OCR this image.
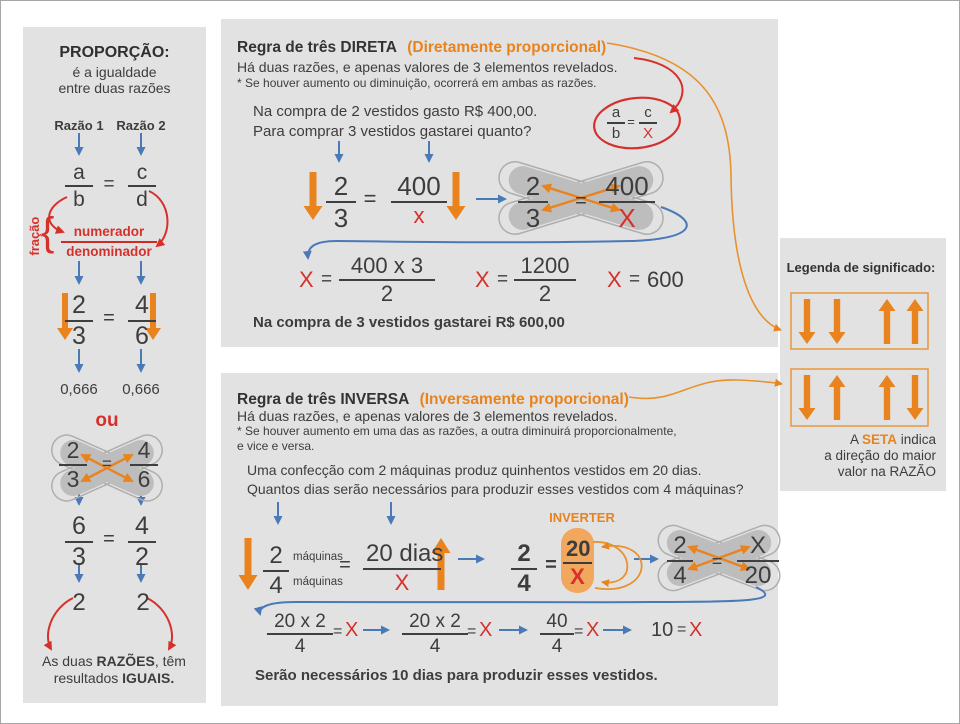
PROPORÇÃO:
é a igualdade
entre duas razões
Razão 1 Razão 2
$\frac{a}{b} = \frac{c}{d}$
fração {	numerador
denominador
$\frac{2}{3} = \frac{4}{6}$
0,666	0,666
ou
$\frac{2}{3} = \frac{4}{6}$
$\frac{6}{3} = \frac{4}{2}$
2	2
As duas RAZÕES, têm
resultados IGUAIS.
Regra de três DIRETA (Diretamente proporcional)
Há duas razões, e apenas valores de 3 elementos revelados.
* Se houver aumento ou diminuição, ocorrerá em ambas as razões.
$\frac{a}{b} = \frac{c}{X}$
Na compra de 2 vestidos gasto R$ 400,00.
Para comprar 3 vestidos gastarei quanto?
$\frac{2}{3} = 400$
x	$\frac{2}{3}$	= $\frac{400}{X}$
$X = \frac{400 x 3}{2}$ $X = \frac{1200}{2}$ X = 600
Na compra de 3 vestidos gastarei R$ 600,00
Regra de três INVERSA (Inversamente proporcional)
Há duas razões, e apenas valores de 3 elementos revelados.
* Se houver aumento em uma das as razões, a outra diminuirá proporcionalmente,
e vice e versa.
Uma confecção com 2 máquinas produz quinhentos vestidos em 20 dias.
Quantos dias serão necessários para produzir esses vestidos com 4 máquinas?
$\frac{2}{4}$ máquinas
máquinas
= 20 dias
X	$\frac{2}{4}$ =
INVERTER
$\frac{20}{X}$	$\frac{2}{4}$	= $\frac{X}{20}$
$\frac{20 x 2}{4} = X \frac{20 x 2}{4} = X$	$\frac{40}{4} = X$	10 = X
Serão necessários 10 dias para produzir esses vestidos.
Legenda de significado:
A SETA indica
a direção do maior
valor na RAZÃO
